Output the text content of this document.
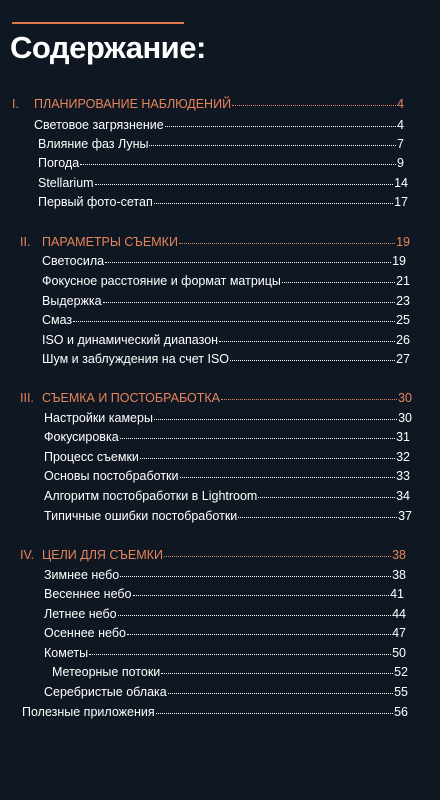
Содержание:
I. ПЛАНИРОВАНИЕ НАБЛЮДЕНИЙ	4
Световое загрязнение	4
Влияние фаз Луны	7
Погода	9
Stellarium	14
Первый фото-сетап	17
II. ПАРАМЕТРЫ СЪЕМКИ	19
Светосила	19
Фокусное расстояние и формат матрицы	21
Выдержка	23
Смаз	25
ISO и динамический диапазон	26
Шум и заблуждения на счет ISO	27
III. СЪЕМКА И ПОСТОБРАБОТКА	30
Настройки камеры	30
Фокусировка	31
Процесс съемки	32
Основы постобработки	33
Алгоритм постобработки в Lightroom	34
Типичные ошибки постобработки	37
IV. ЦЕЛИ ДЛЯ СЪЕМКИ	38
Зимнее небо	38
Весеннее небо	41
Летнее небо	44
Осеннее небо	47
Кометы	50
Метеорные потоки	52
Серебристые облака	55
Полезные приложения	56
